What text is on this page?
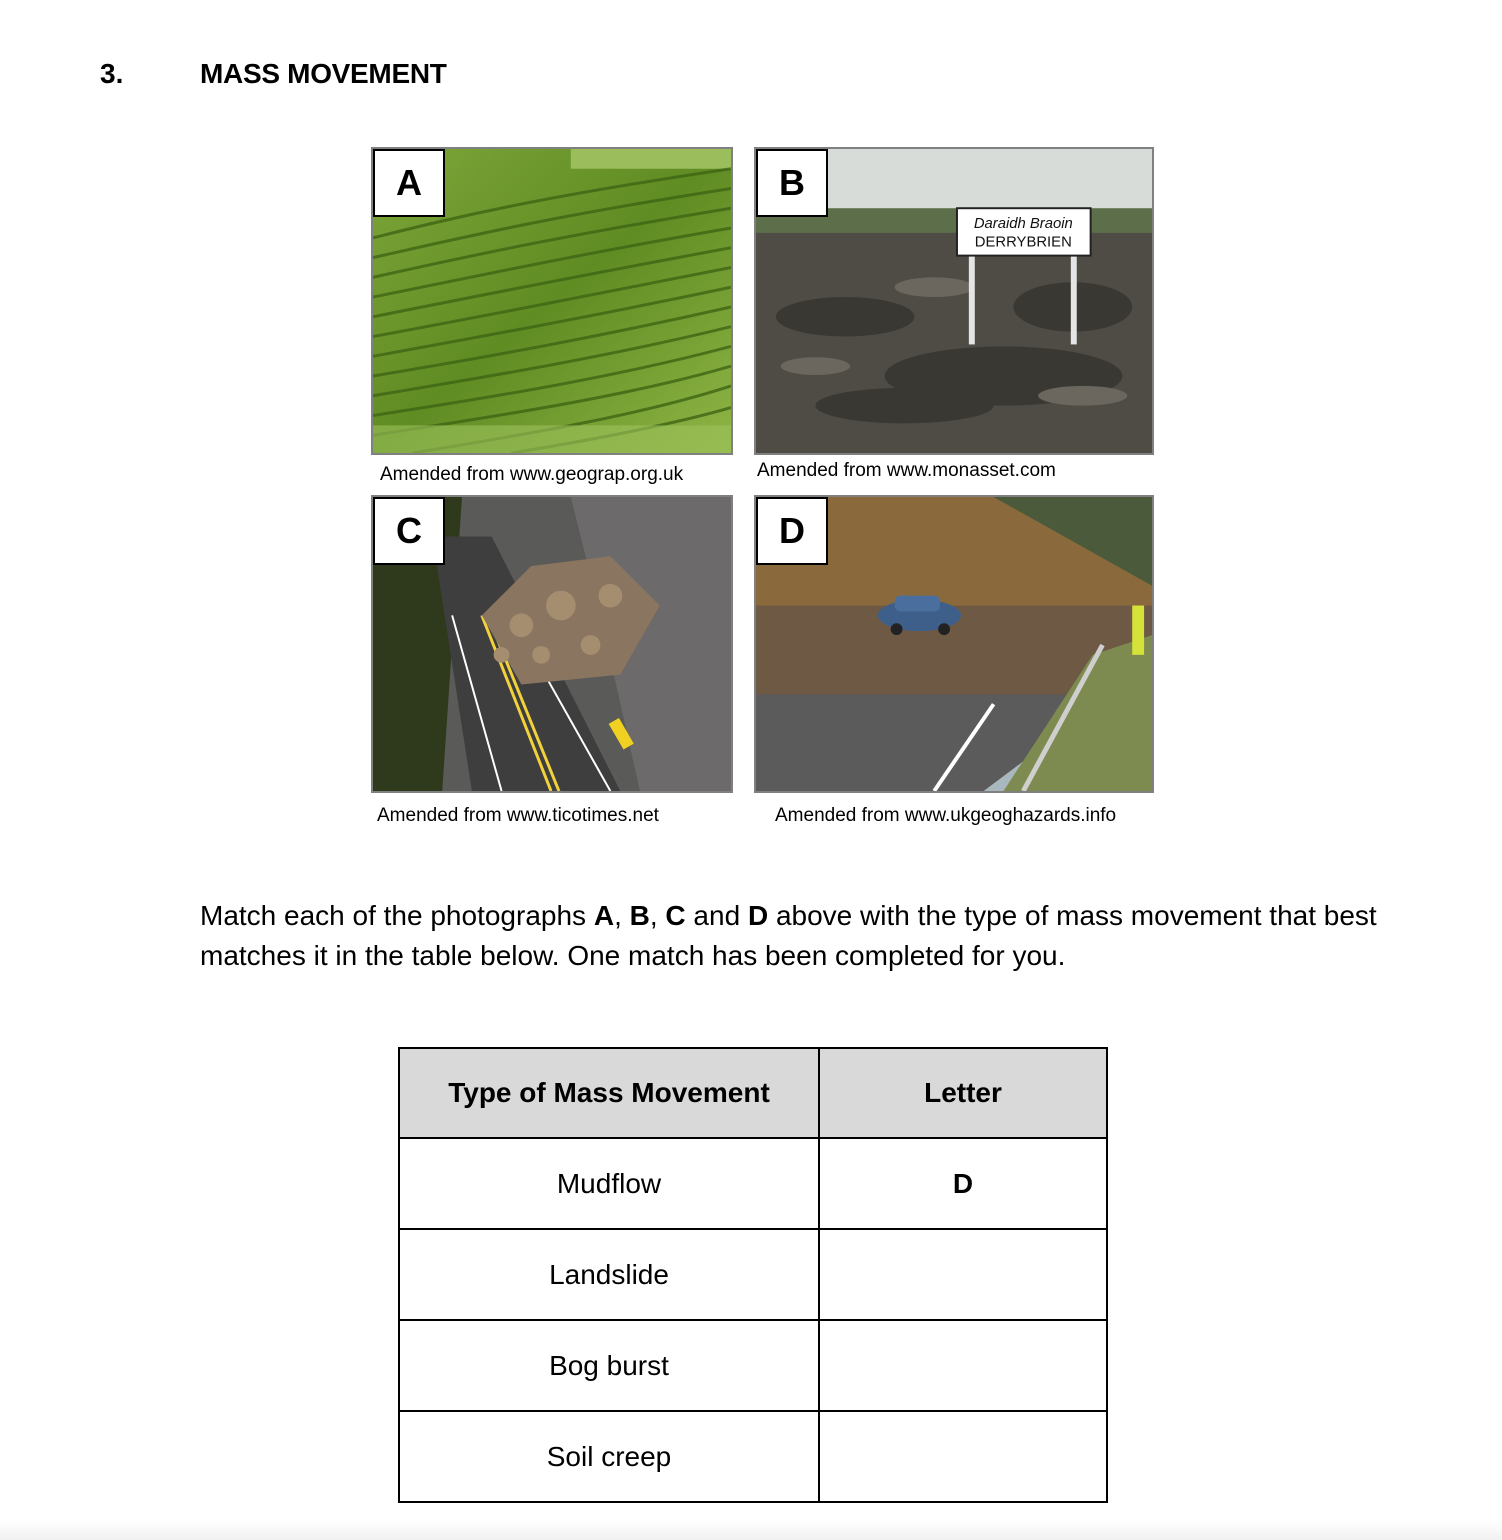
3.	MASS MOVEMENT
A
Daraidh Braoin
DERRYBRIEN
B
C	D
Amended from www.geograp.org.uk	Amended from www.monasset.com
Amended from www.ticotimes.net	Amended from www.ukgeoghazards.info
Match each of the photographs A, B, C and D above with the type of mass movement that best matches it in the table below. One match has been completed for you.
Type of Mass Movement	Letter
Mudflow	D
Landslide	
Bog burst	
Soil creep	
